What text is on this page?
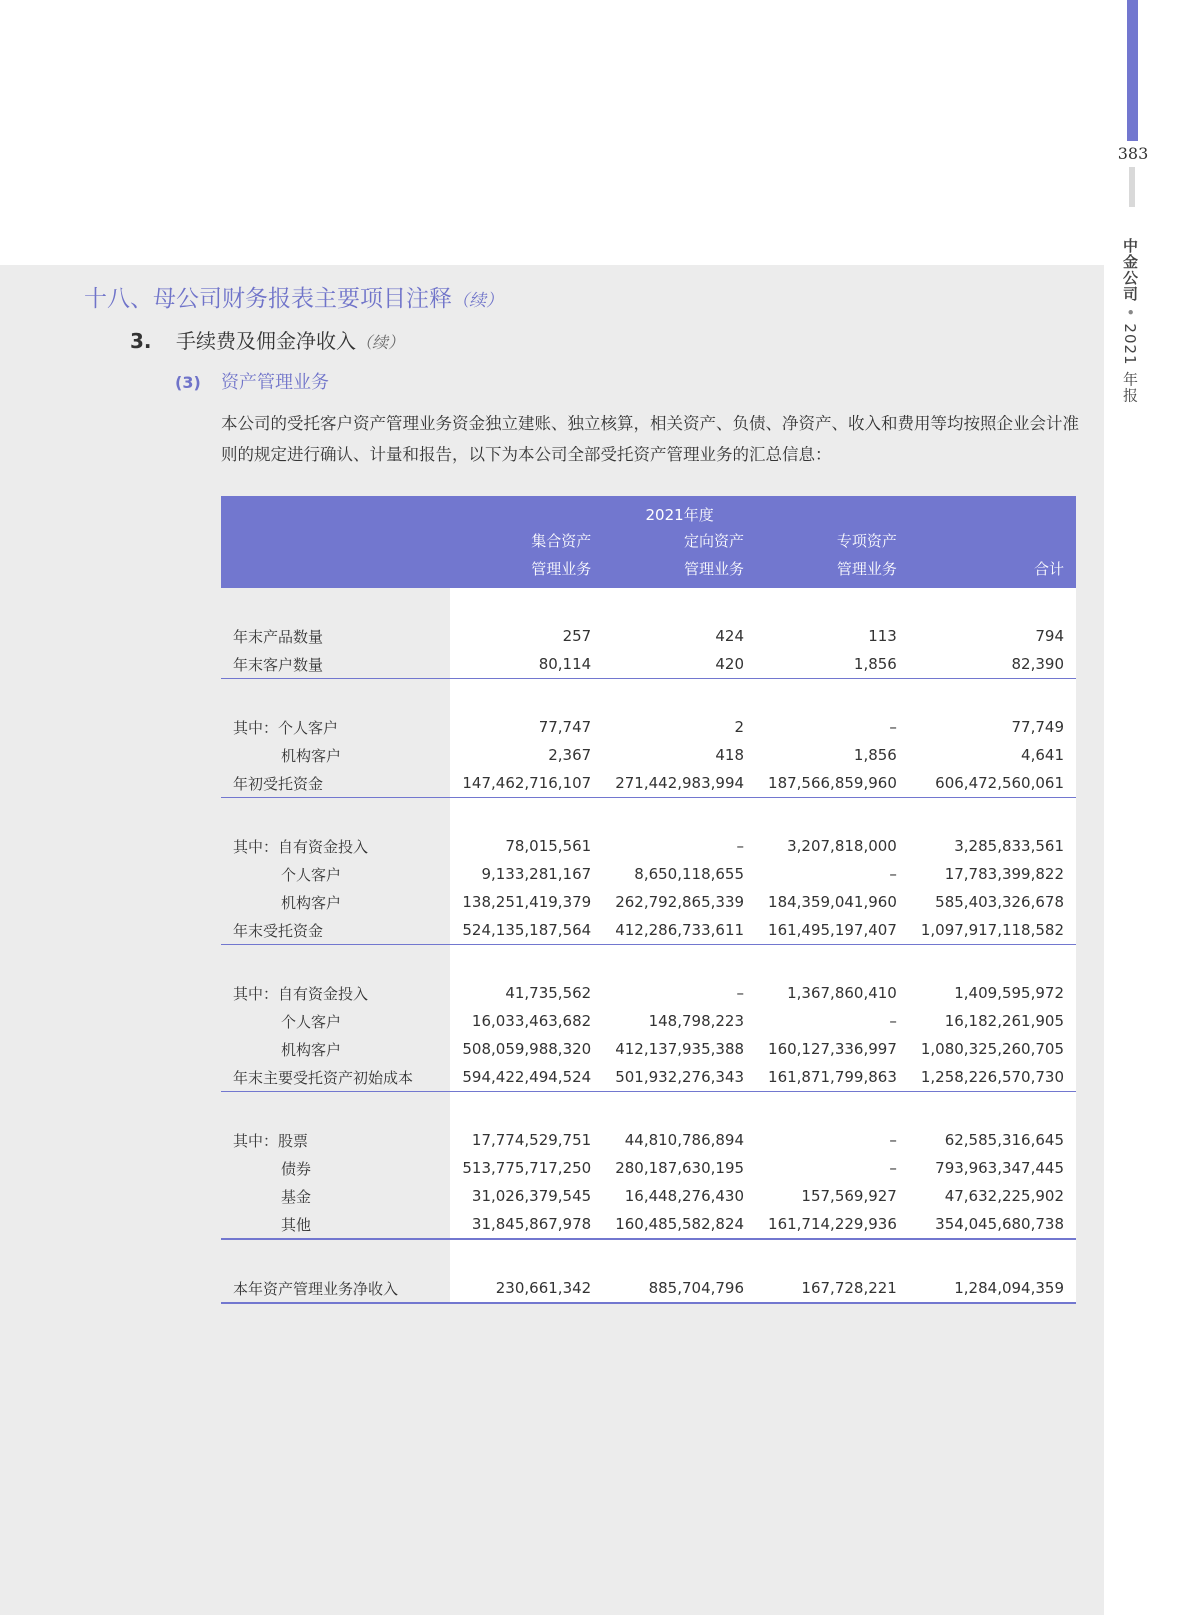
383
中金公司 • 2021 年报
十八、母公司财务报表主要项目注释（续）
3. 手续费及佣金净收入（续）
(3) 资产管理业务
本公司的受托客户资产管理业务资金独立建账、独立核算，相关资产、负债、净资产、收入和费用等均按照企业会计准则的规定进行确认、计量和报告，以下为本公司全部受托资产管理业务的汇总信息：
	2021年度			
	集合资产	定向资产	专项资产	
	管理业务	管理业务	管理业务	合计

年末产品数量	257	424	113	794
年末客户数量	80,114	420	1,856	82,390

其中：个人客户	77,747	2	–	77,749
机构客户	2,367	418	1,856	4,641
年初受托资金	147,462,716,107	271,442,983,994	187,566,859,960	606,472,560,061

其中：自有资金投入	78,015,561	–	3,207,818,000	3,285,833,561
个人客户	9,133,281,167	8,650,118,655	–	17,783,399,822
机构客户	138,251,419,379	262,792,865,339	184,359,041,960	585,403,326,678
年末受托资金	524,135,187,564	412,286,733,611	161,495,197,407	1,097,917,118,582

其中：自有资金投入	41,735,562	–	1,367,860,410	1,409,595,972
个人客户	16,033,463,682	148,798,223	–	16,182,261,905
机构客户	508,059,988,320	412,137,935,388	160,127,336,997	1,080,325,260,705
年末主要受托资产初始成本	594,422,494,524	501,932,276,343	161,871,799,863	1,258,226,570,730

其中：股票	17,774,529,751	44,810,786,894	–	62,585,316,645
债券	513,775,717,250	280,187,630,195	–	793,963,347,445
基金	31,026,379,545	16,448,276,430	157,569,927	47,632,225,902
其他	31,845,867,978	160,485,582,824	161,714,229,936	354,045,680,738

本年资产管理业务净收入	230,661,342	885,704,796	167,728,221	1,284,094,359
